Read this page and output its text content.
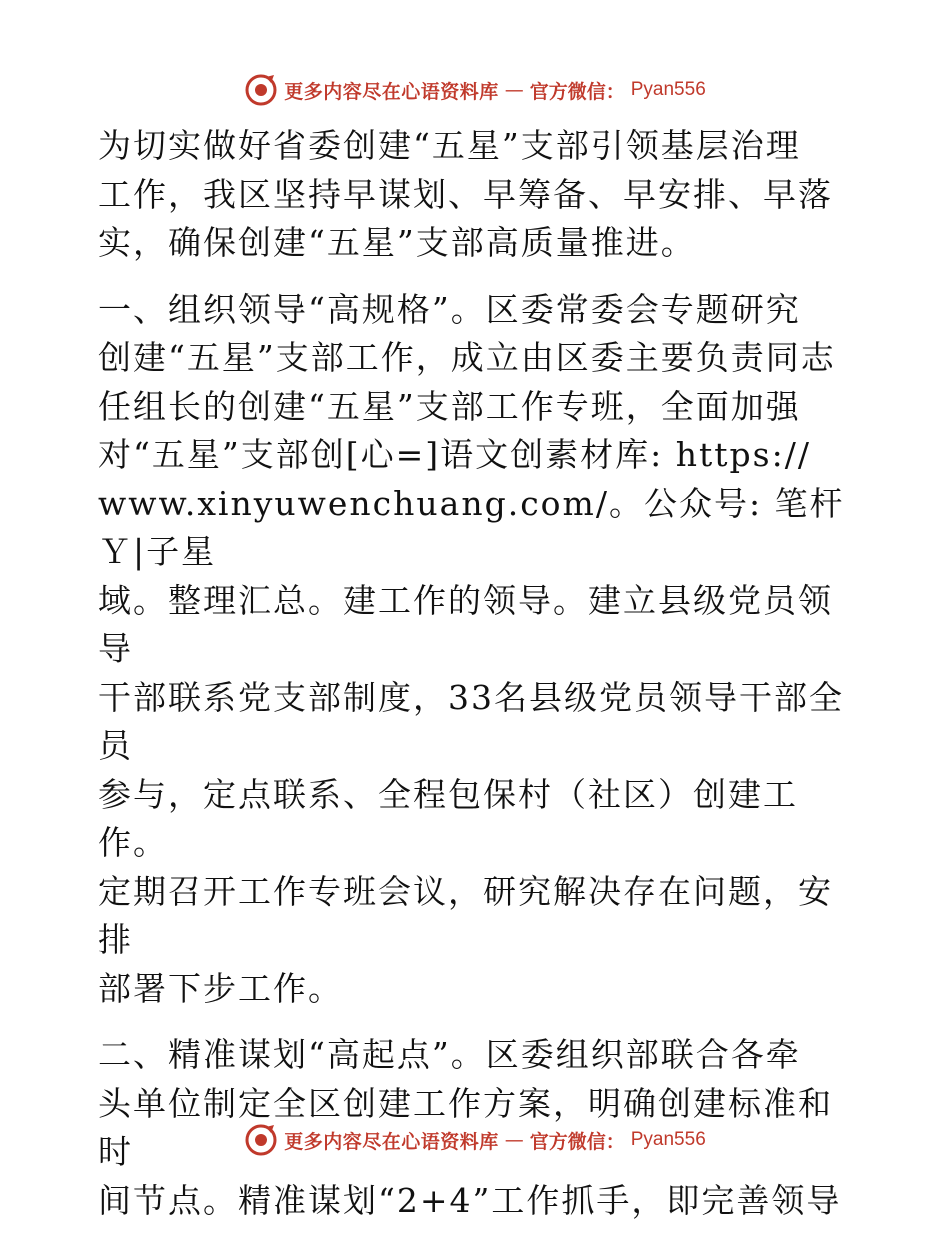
更多内容尽在心语资料库 — 官方微信： Pyan556

为切实做好省委创建“五星”支部引领基层治理
工作，我区坚持早谋划、早筹备、早安排、早落
实，确保创建“五星”支部高质量推进。

一、组织领导“高规格”。区委常委会专题研究
创建“五星”支部工作，成立由区委主要负责同志
任组长的创建“五星”支部工作专班，全面加强
对“五星”支部创[心=]语文创素材库: https://
www.xinyuwenchuang.com/。公众号: 笔杆Ｙ|子星
域。整理汇总。建工作的领导。建立县级党员领导
干部联系党支部制度，33名县级党员领导干部全员
参与，定点联系、全程包保村（社区）创建工作。
定期召开工作专班会议，研究解决存在问题，安排
部署下步工作。

二、精准谋划“高起点”。区委组织部联合各牵
头单位制定全区创建工作方案，明确创建标准和时
间节点。精准谋划“2+4”工作抓手，即完善领导

更多内容尽在心语资料库 — 官方微信： Pyan556
